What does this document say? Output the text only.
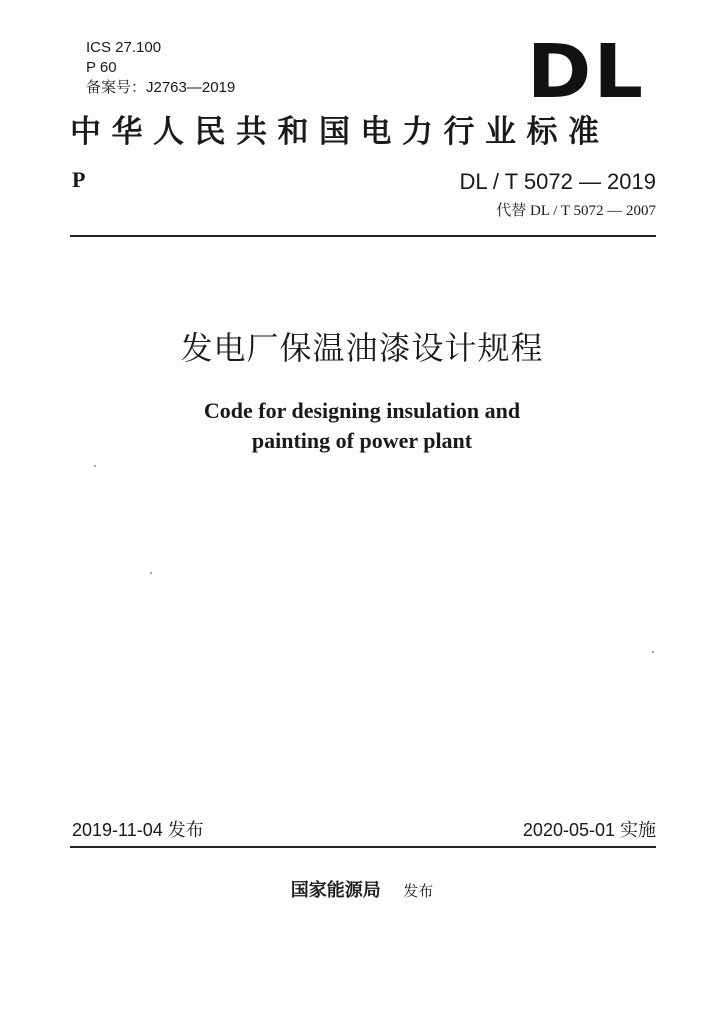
ICS 27.100
P 60
备案号：J2763—2019	DL
中华人民共和国电力行业标准
P	DL / T 5072 — 2019
代替 DL / T 5072 — 2007
发电厂保温油漆设计规程
Code for designing insulation and
painting of power plant
2019-11-04 发布	2020-05-01 实施
国家能源局 发布
